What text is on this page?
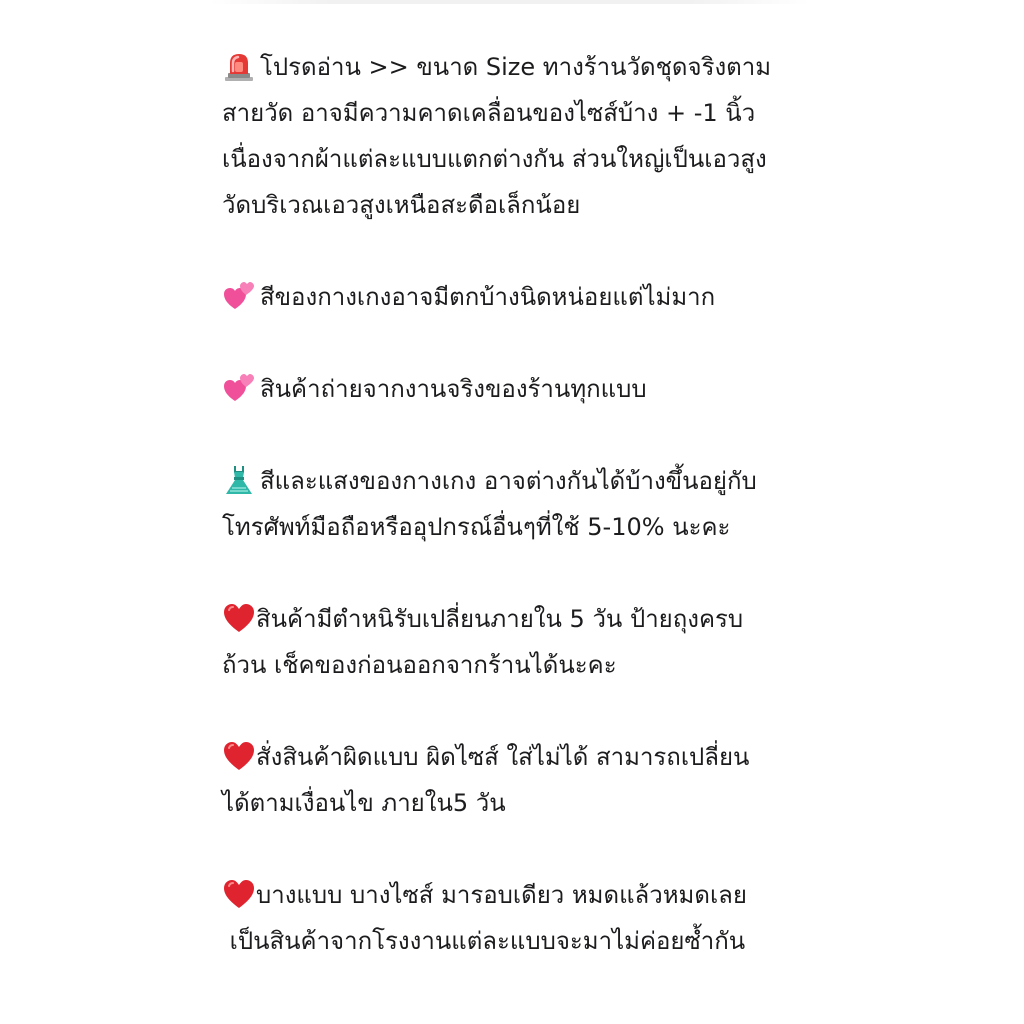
โปรดอ่าน >> ขนาด Size ทางร้านวัดชุดจริงตาม
สายวัด อาจมีความคาดเคลื่อนของไซส์บ้าง + -1 นิ้ว
เนื่องจากผ้าแต่ละแบบแตกต่างกัน ส่วนใหญ่เป็นเอวสูง
วัดบริเวณเอวสูงเหนือสะดือเล็กน้อย

สีของกางเกงอาจมีตกบ้างนิดหน่อยแต่ไม่มาก

สินค้าถ่ายจากงานจริงของร้านทุกแบบ

สีและแสงของกางเกง อาจต่างกันได้บ้างขึ้นอยู่กับ
โทรศัพท์มือถือหรืออุปกรณ์อื่นๆที่ใช้ 5-10% นะคะ

สินค้ามีตำหนิรับเปลี่ยนภายใน 5 วัน ป้ายถุงครบ
ถ้วน เช็คของก่อนออกจากร้านได้นะคะ

สั่งสินค้าผิดแบบ ผิดไซส์ ใส่ไม่ได้ สามารถเปลี่ยน
ได้ตามเงื่อนไข ภายใน5 วัน

บางแบบ บางไซส์ มารอบเดียว หมดแล้วหมดเลย
เป็นสินค้าจากโรงงานแต่ละแบบจะมาไม่ค่อยซ้ำกัน
